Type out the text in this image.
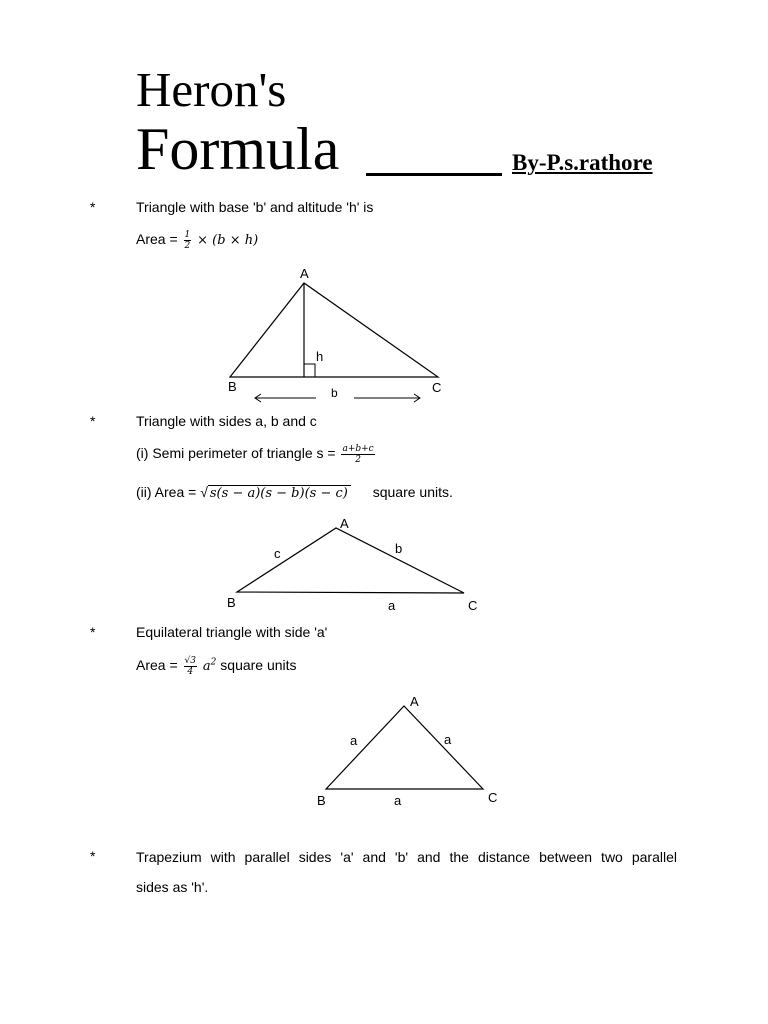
Heron's
Formula	By-P.s.rathore
*	Triangle with base 'b' and altitude 'h' is
Area = $\frac{1}{2} \times (b \times h)$
A
B	C
h
b
*	Triangle with sides a, b and c
(i) Semi perimeter of triangle $s = \frac{a+b+c}{2}$
(ii) Area = √ s(s − a)(s − b)(s − c) square units.
A
B	C
c	b
a
*	Equilateral triangle with side 'a'
Area = $\frac{√3}{4} a^2$ square units
A
B	C
a	a
a
*	Trapezium with parallel sides 'a' and 'b' and the distance between two parallel
sides as 'h'.
